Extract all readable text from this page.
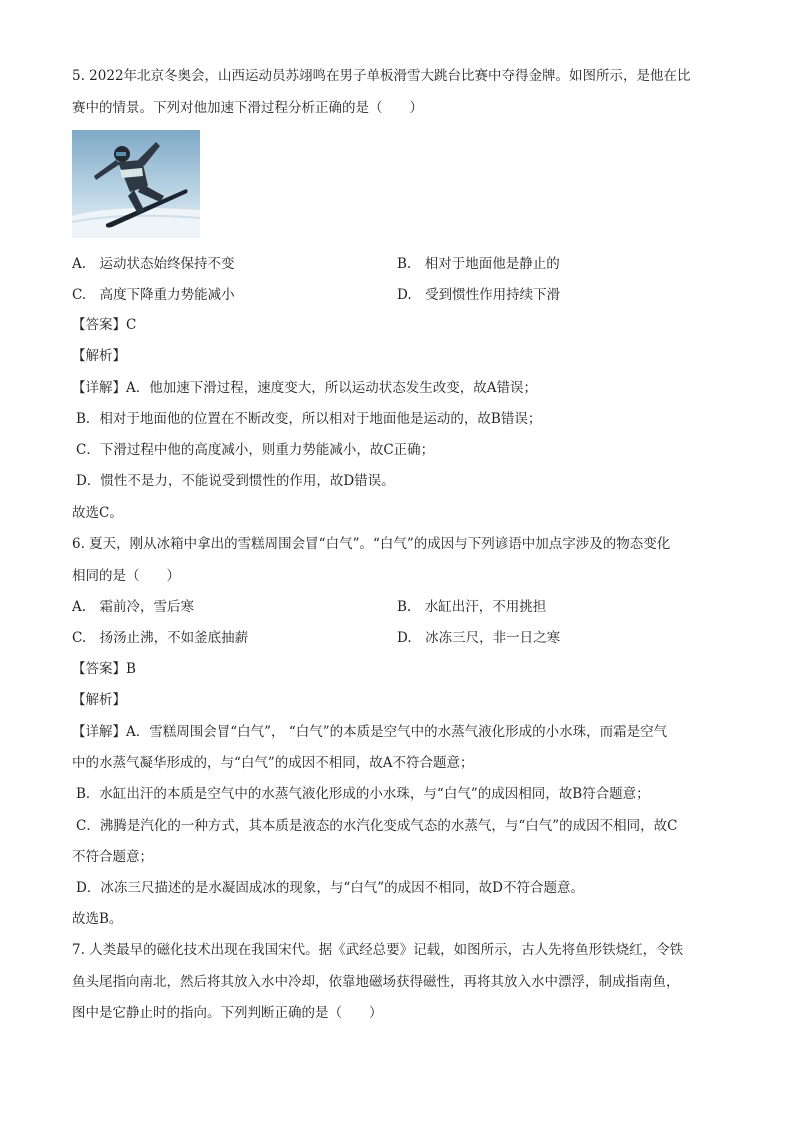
5. 2022年北京冬奥会，山西运动员苏翊鸣在男子单板滑雪大跳台比赛中夺得金牌。如图所示，是他在比
赛中的情景。下列对他加速下滑过程分析正确的是（　　）
A.　运动状态始终保持不变	B.　相对于地面他是静止的
C.　高度下降重力势能减小	D.　受到惯性作用持续下滑
【答案】C
【解析】
【详解】A．他加速下滑过程，速度变大，所以运动状态发生改变，故A错误；
B．相对于地面他的位置在不断改变，所以相对于地面他是运动的，故B错误；
C．下滑过程中他的高度减小，则重力势能减小，故C正确；
D．惯性不是力，不能说受到惯性的作用，故D错误。
故选C。
6. 夏天，刚从冰箱中拿出的雪糕周围会冒“白气”。“白气”的成因与下列谚语中加点字涉及的物态变化
相同的是（　　）
A.　霜前冷，雪后寒	B.　水缸出汗，不用挑担
C.　扬汤止沸，不如釜底抽薪	D.　冰冻三尺，非一日之寒
【答案】B
【解析】
【详解】A．雪糕周围会冒“白气”， “白气”的本质是空气中的水蒸气液化形成的小水珠，而霜是空气
中的水蒸气凝华形成的，与“白气”的成因不相同，故A不符合题意；
B．水缸出汗的本质是空气中的水蒸气液化形成的小水珠，与“白气”的成因相同，故B符合题意；
C．沸腾是汽化的一种方式，其本质是液态的水汽化变成气态的水蒸气，与“白气”的成因不相同，故C
不符合题意；
D．冰冻三尺描述的是水凝固成冰的现象，与“白气”的成因不相同，故D不符合题意。
故选B。
7. 人类最早的磁化技术出现在我国宋代。据《武经总要》记载，如图所示，古人先将鱼形铁烧红，令铁
鱼头尾指向南北，然后将其放入水中冷却，依靠地磁场获得磁性，再将其放入水中漂浮，制成指南鱼，
图中是它静止时的指向。下列判断正确的是（　　）
